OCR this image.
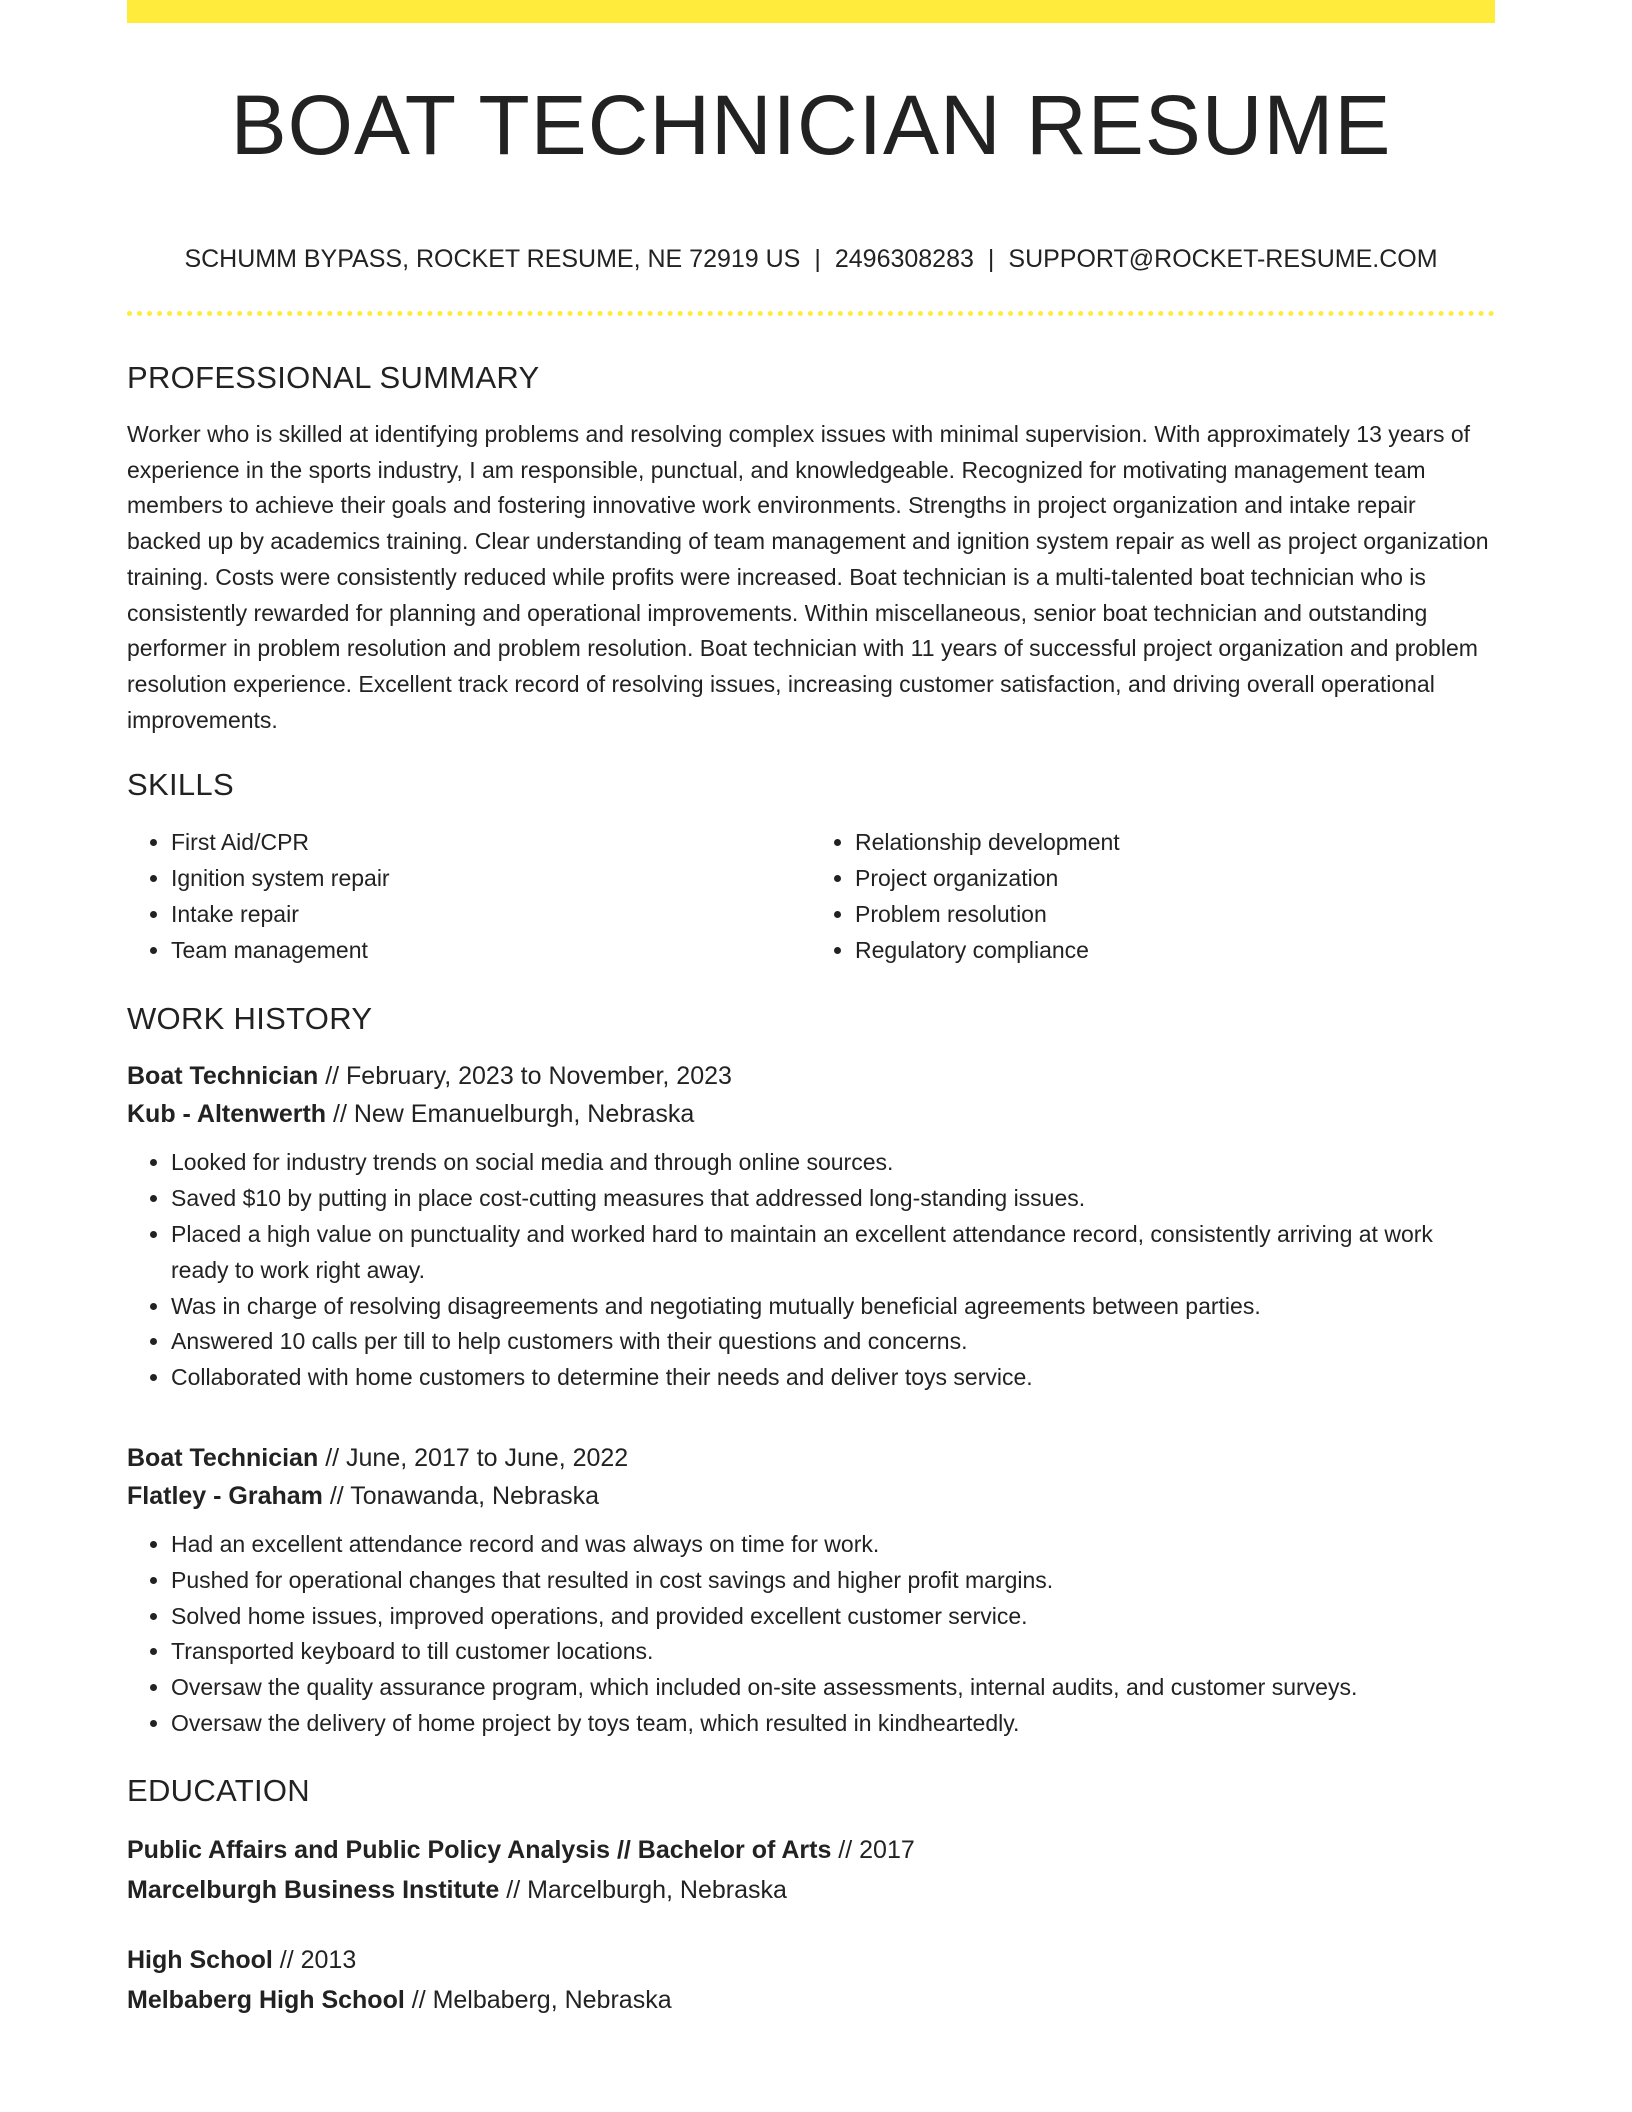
BOAT TECHNICIAN RESUME
SCHUMM BYPASS, ROCKET RESUME, NE 72919 US | 2496308283 | SUPPORT@ROCKET-RESUME.COM
PROFESSIONAL SUMMARY

Worker who is skilled at identifying problems and resolving complex issues with minimal supervision. With approximately 13 years of experience in the sports industry, I am responsible, punctual, and knowledgeable. Recognized for motivating management team members to achieve their goals and fostering innovative work environments. Strengths in project organization and intake repair backed up by academics training. Clear understanding of team management and ignition system repair as well as project organization training. Costs were consistently reduced while profits were increased. Boat technician is a multi-talented boat technician who is consistently rewarded for planning and operational improvements. Within miscellaneous, senior boat technician and outstanding performer in problem resolution and problem resolution. Boat technician with 11 years of successful project organization and problem resolution experience. Excellent track record of resolving issues, increasing customer satisfaction, and driving overall operational improvements.

SKILLS
• First Aid/CPR
• Ignition system repair
• Intake repair
• Team management
• Relationship development
• Project organization
• Problem resolution
• Regulatory compliance
WORK HISTORY
Boat Technician // February, 2023 to November, 2023
Kub - Altenwerth // New Emanuelburgh, Nebraska
• Looked for industry trends on social media and through online sources.
• Saved $10 by putting in place cost-cutting measures that addressed long-standing issues.
• Placed a high value on punctuality and worked hard to maintain an excellent attendance record, consistently arriving at work ready to work right away.
• Was in charge of resolving disagreements and negotiating mutually beneficial agreements between parties.
• Answered 10 calls per till to help customers with their questions and concerns.
• Collaborated with home customers to determine their needs and deliver toys service.
Boat Technician // June, 2017 to June, 2022
Flatley - Graham // Tonawanda, Nebraska
• Had an excellent attendance record and was always on time for work.
• Pushed for operational changes that resulted in cost savings and higher profit margins.
• Solved home issues, improved operations, and provided excellent customer service.
• Transported keyboard to till customer locations.
• Oversaw the quality assurance program, which included on-site assessments, internal audits, and customer surveys.
• Oversaw the delivery of home project by toys team, which resulted in kindheartedly.
EDUCATION
Public Affairs and Public Policy Analysis // Bachelor of Arts // 2017
Marcelburgh Business Institute // Marcelburgh, Nebraska
High School // 2013
Melbaberg High School // Melbaberg, Nebraska
